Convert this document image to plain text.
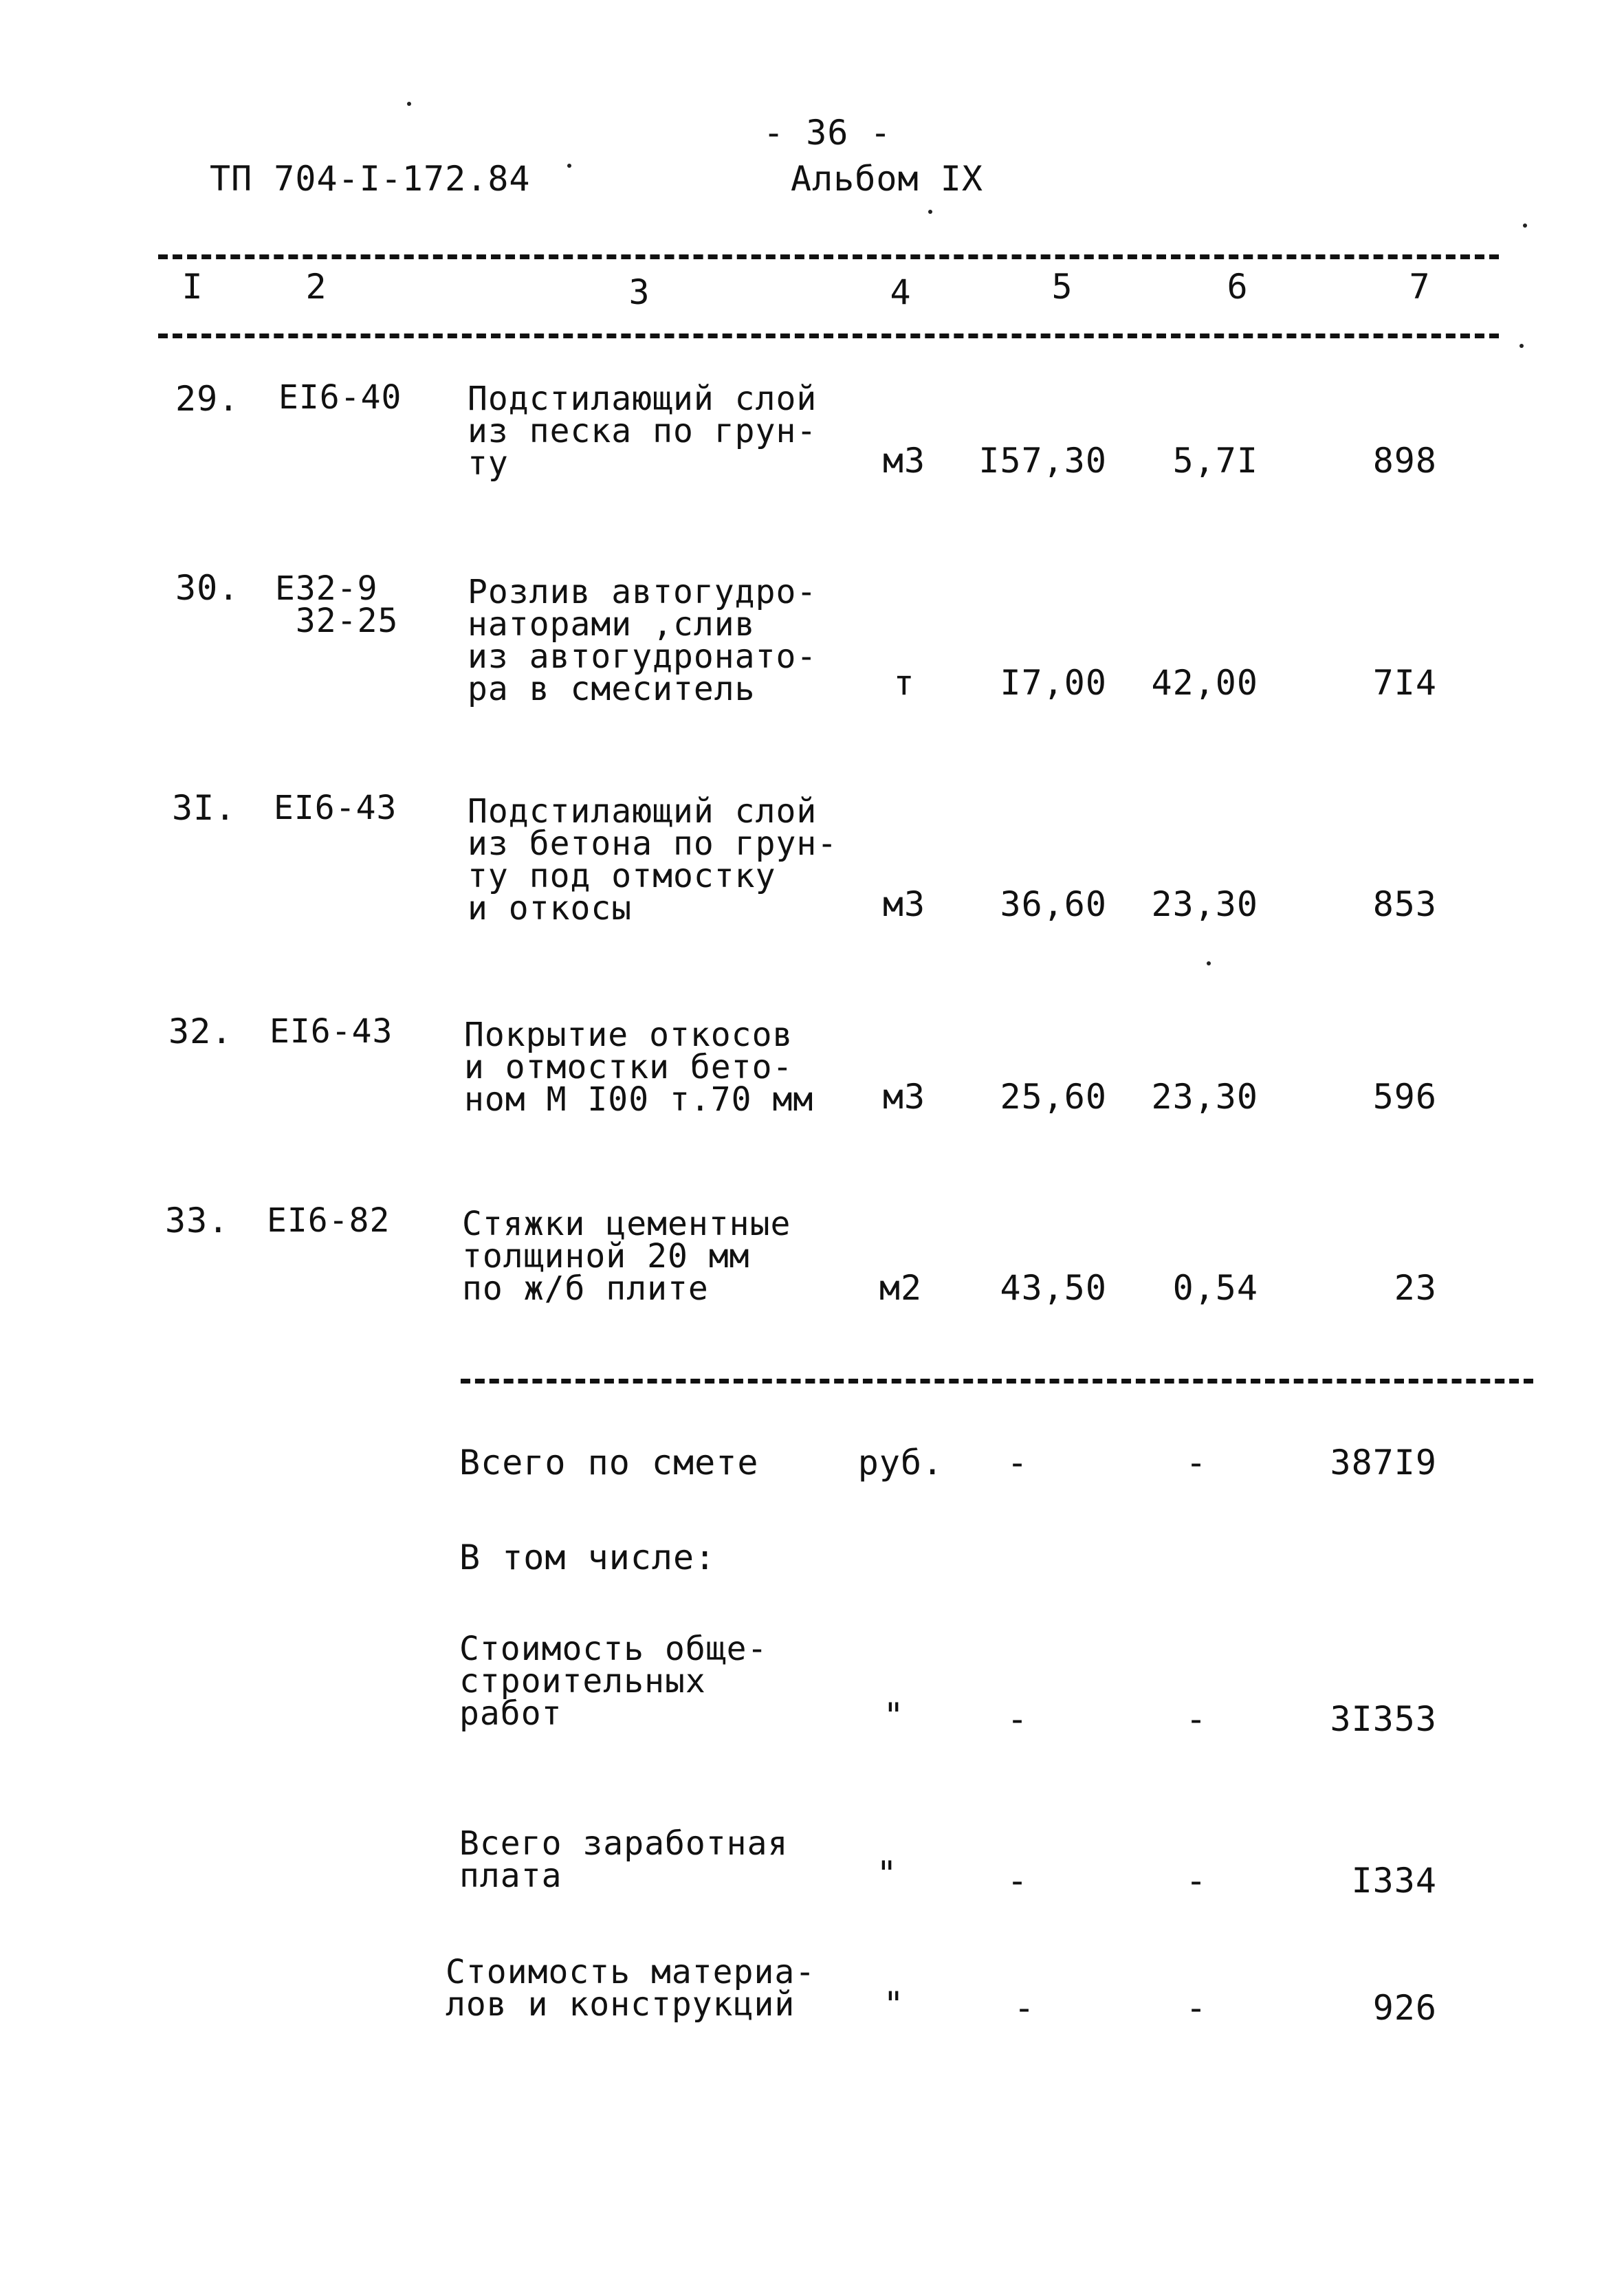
- 36 -
ТП 704-I-172.84	Альбом IX
I	2	3	4	5	6	7
29. EI6-40 Подстилающий слой
из песка по грун-
ту	м3	I57,30	5,7I	898
30. E32-9
32-25
Розлив автогудро-
наторами ,слив
из автогудронато-
ра в смеситель	т	I7,00	42,00	7I4
3I. EI6-43 Подстилающий слой
из бетона по грун-
ту под отмостку
и откосы	м3	36,60	23,30	853
32. EI6-43 Покрытие откосов
и отмостки бето-
ном М I00 т.70 мм	м3	25,60	23,30	596
33. EI6-82 Стяжки цементные
толщиной 20 мм
по ж/б плите	м2	43,50	0,54	23
Всего по смете	руб.	-	-	387I9
В том числе:
Стоимость обще-
строительных
работ	"	-	-	3I353
Всего заработная
плата	"	-	-	I334
Стоимость материа-
лов и конструкций	"	-	-	926
